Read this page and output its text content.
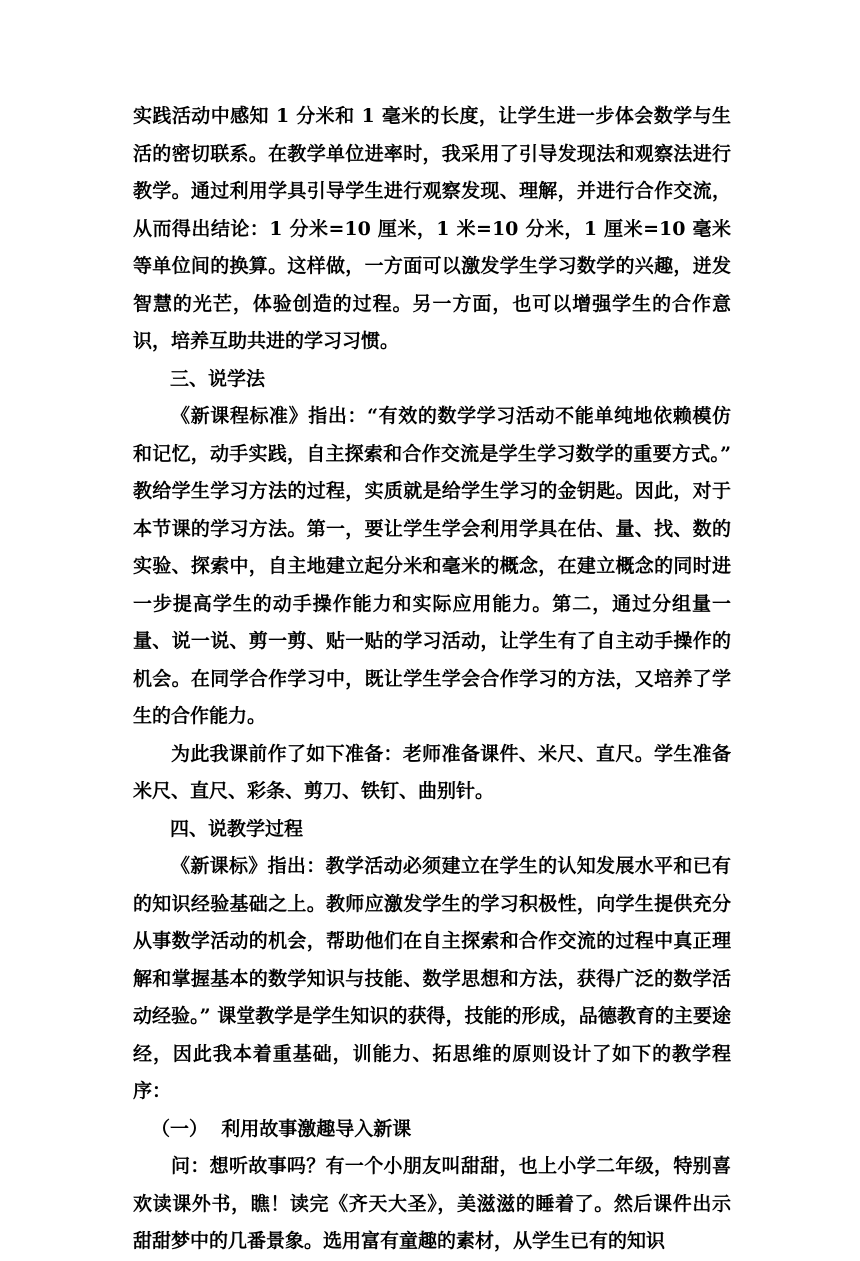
实践活动中感知 1 分米和 1 毫米的长度，让学生进一步体会数学与生活的密切联系。在教学单位进率时，我采用了引导发现法和观察法进行教学。通过利用学具引导学生进行观察发现、理解，并进行合作交流，从而得出结论：1 分米=10 厘米，1 米=10 分米，1 厘米=10 毫米等单位间的换算。这样做，一方面可以激发学生学习数学的兴趣，迸发智慧的光芒，体验创造的过程。另一方面，也可以增强学生的合作意识，培养互助共进的学习习惯。

三、说学法

《新课程标准》指出：“有效的数学学习活动不能单纯地依赖模仿和记忆，动手实践，自主探索和合作交流是学生学习数学的重要方式。” 教给学生学习方法的过程，实质就是给学生学习的金钥匙。因此，对于本节课的学习方法。第一，要让学生学会利用学具在估、量、找、数的实验、探索中，自主地建立起分米和毫米的概念，在建立概念的同时进一步提高学生的动手操作能力和实际应用能力。第二，通过分组量一量、说一说、剪一剪、贴一贴的学习活动，让学生有了自主动手操作的机会。在同学合作学习中，既让学生学会合作学习的方法，又培养了学生的合作能力。

为此我课前作了如下准备：老师准备课件、米尺、直尺。学生准备米尺、直尺、彩条、剪刀、铁钉、曲别针。

四、说教学过程

《新课标》指出：教学活动必须建立在学生的认知发展水平和已有的知识经验基础之上。教师应激发学生的学习积极性，向学生提供充分从事数学活动的机会，帮助他们在自主探索和合作交流的过程中真正理解和掌握基本的数学知识与技能、数学思想和方法，获得广泛的数学活动经验。” 课堂教学是学生知识的获得，技能的形成，品德教育的主要途经，因此我本着重基础，训能力、拓思维的原则设计了如下的教学程序：

（一）  利用故事激趣导入新课

问：想听故事吗？有一个小朋友叫甜甜，也上小学二年级，特别喜欢读课外书，瞧！读完《齐天大圣》，美滋滋的睡着了。然后课件出示甜甜梦中的几番景象。选用富有童趣的素材，从学生已有的知识
